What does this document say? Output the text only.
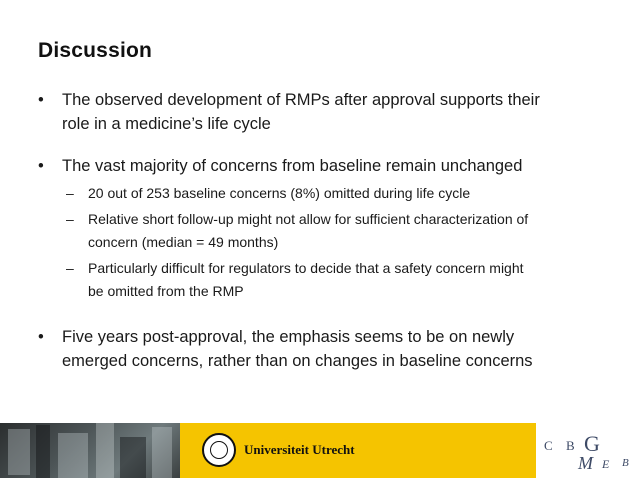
Discussion
• The observed development of RMPs after approval supports their
role in a medicine’s life cycle
• The vast majority of concerns from baseline remain unchanged
– 20 out of 253 baseline concerns (8%) omitted during life cycle
– Relative short follow-up might not allow for sufficient characterization of
concern (median = 49 months)
– Particularly difficult for regulators to decide that a safety concern might
be omitted from the RMP
• Five years post-approval, the emphasis seems to be on newly
emerged concerns, rather than on changes in baseline concerns
Universiteit Utrecht	C B G
M E B
